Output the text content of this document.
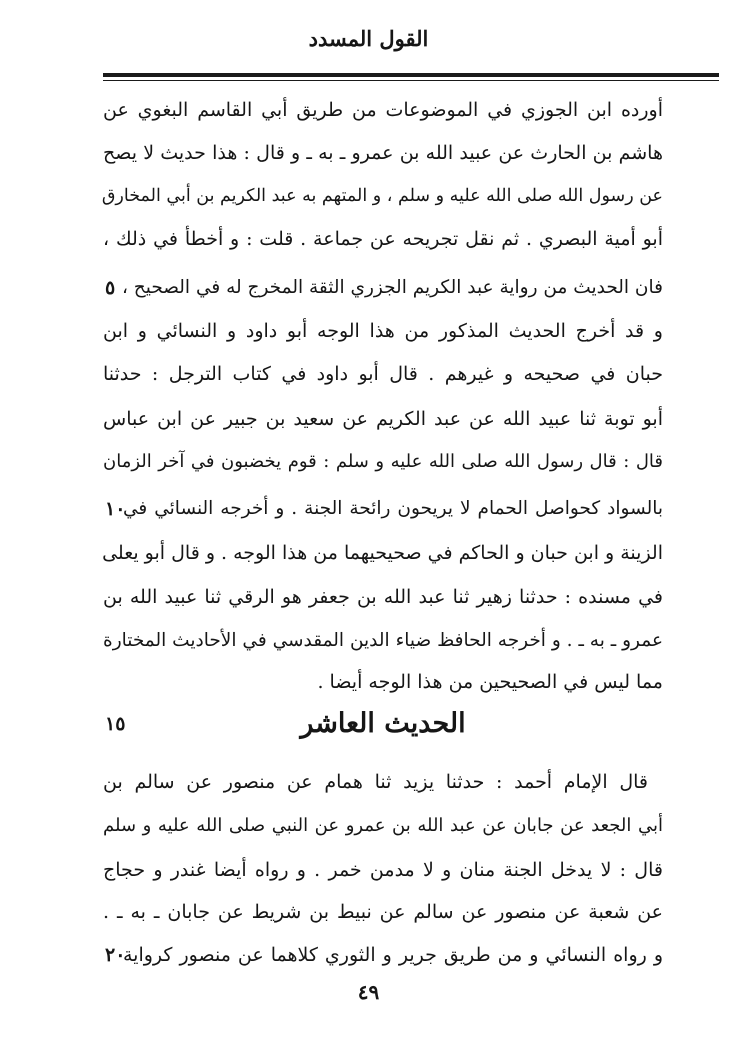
القول المسدد
أورده ابن الجوزي في الموضوعات من طريق أبي القاسم البغوي عن
هاشم بن الحارث عن عبيد الله بن عمرو ـ به ـ و قال : هذا حديث لا يصح
عن رسول الله صلى الله عليه و سلم ، و المتهم به عبد الكريم بن أبي المخارق
أبو أمية البصري . ثم نقل تجريحه عن جماعة . قلت : و أخطأ في ذلك ،
فان الحديث من رواية عبد الكريم الجزري الثقة المخرج له في الصحيح ،
و قد أخرج الحديث المذكور من هذا الوجه أبو داود و النسائي و ابن
حبان في صحيحه و غيرهم . قال أبو داود في كتاب الترجل : حدثنا
أبو توبة ثنا عبيد الله عن عبد الكريم عن سعيد بن جبير عن ابن عباس
قال : قال رسول الله صلى الله عليه و سلم : قوم يخضبون في آخر الزمان
بالسواد كحواصل الحمام لا يريحون رائحة الجنة . و أخرجه النسائي في
الزينة و ابن حبان و الحاكم في صحيحيهما من هذا الوجه . و قال أبو يعلى
في مسنده : حدثنا زهير ثنا عبد الله بن جعفر هو الرقي ثنا عبيد الله بن
عمرو ـ به ـ . و أخرجه الحافظ ضياء الدين المقدسي في الأحاديث المختارة
مما ليس في الصحيحين من هذا الوجه أيضا .
الحديث العاشر
قال الإمام أحمد : حدثنا يزيد ثنا همام عن منصور عن سالم بن
أبي الجعد عن جابان عن عبد الله بن عمرو عن النبي صلى الله عليه و سلم
قال : لا يدخل الجنة منان و لا مدمن خمر . و رواه أيضا غندر و حجاج
عن شعبة عن منصور عن سالم عن نبيط بن شريط عن جابان ـ به ـ .
و رواه النسائي و من طريق جرير و الثوري كلاهما عن منصور كرواية
٥
١٠
١٥
٢٠
٤٩
